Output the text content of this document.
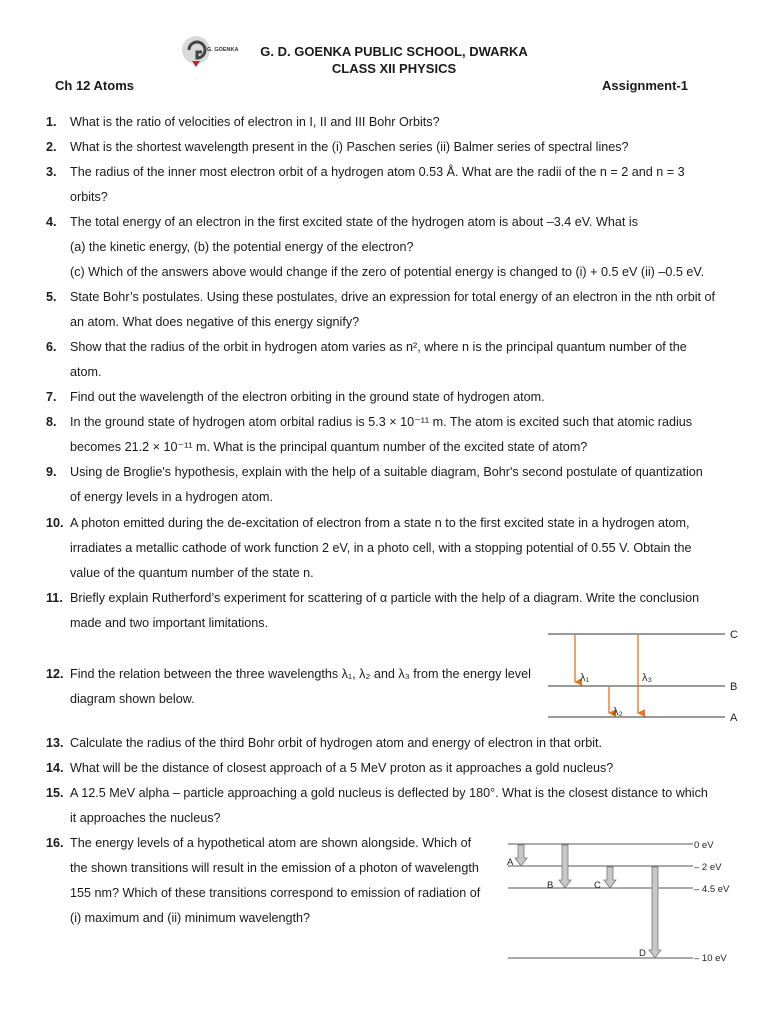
G. GOENKA	G. D. GOENKA PUBLIC SCHOOL, DWARKA
CLASS XII PHYSICS
Ch 12 Atoms	Assignment-1
1.	What is the ratio of velocities of electron in I, II and III Bohr Orbits?
2.	What is the shortest wavelength present in the (i) Paschen series (ii) Balmer series of spectral lines?
3.	The radius of the inner most electron orbit of a hydrogen atom 0.53 Å. What are the radii of the n = 2 and n = 3
orbits?
4.	The total energy of an electron in the first excited state of the hydrogen atom is about –3.4 eV. What is
(a) the kinetic energy, (b) the potential energy of the electron?
(c) Which of the answers above would change if the zero of potential energy is changed to (i) + 0.5 eV (ii) –0.5 eV.
5.	State Bohr’s postulates. Using these postulates, drive an expression for total energy of an electron in the nth orbit of
an atom. What does negative of this energy signify?
6.	Show that the radius of the orbit in hydrogen atom varies as n², where n is the principal quantum number of the
atom.
7.	Find out the wavelength of the electron orbiting in the ground state of hydrogen atom.
8.	In the ground state of hydrogen atom orbital radius is 5.3 × 10⁻¹¹ m. The atom is excited such that atomic radius
becomes 21.2 × 10⁻¹¹ m. What is the principal quantum number of the excited state of atom?
9.	Using de Broglie's hypothesis, explain with the help of a suitable diagram, Bohr's second postulate of quantization
of energy levels in a hydrogen atom.
10. A photon emitted during the de-excitation of electron from a state n to the first excited state in a hydrogen atom,
irradiates a metallic cathode of work function 2 eV, in a photo cell, with a stopping potential of 0.55 V. Obtain the
value of the quantum number of the state n.
11. Briefly explain Rutherford’s experiment for scattering of α particle with the help of a diagram. Write the conclusion
made and two important limitations.
12. Find the relation between the three wavelengths λ₁, λ₂ and λ₃ from the energy level
diagram shown below.
13. Calculate the radius of the third Bohr orbit of hydrogen atom and energy of electron in that orbit.
14. What will be the distance of closest approach of a 5 MeV proton as it approaches a gold nucleus?
15. A 12.5 MeV alpha – particle approaching a gold nucleus is deflected by 180°. What is the closest distance to which
it approaches the nucleus?
16. The energy levels of a hypothetical atom are shown alongside. Which of
the shown transitions will result in the emission of a photon of wavelength
155 nm? Which of these transitions correspond to emission of radiation of
(i) maximum and (ii) minimum wavelength?
C
B
A
λ₁
λ₂
λ₃
0 eV
– 2 eV
– 4.5 eV
– 10 eV
A
B	C
D
